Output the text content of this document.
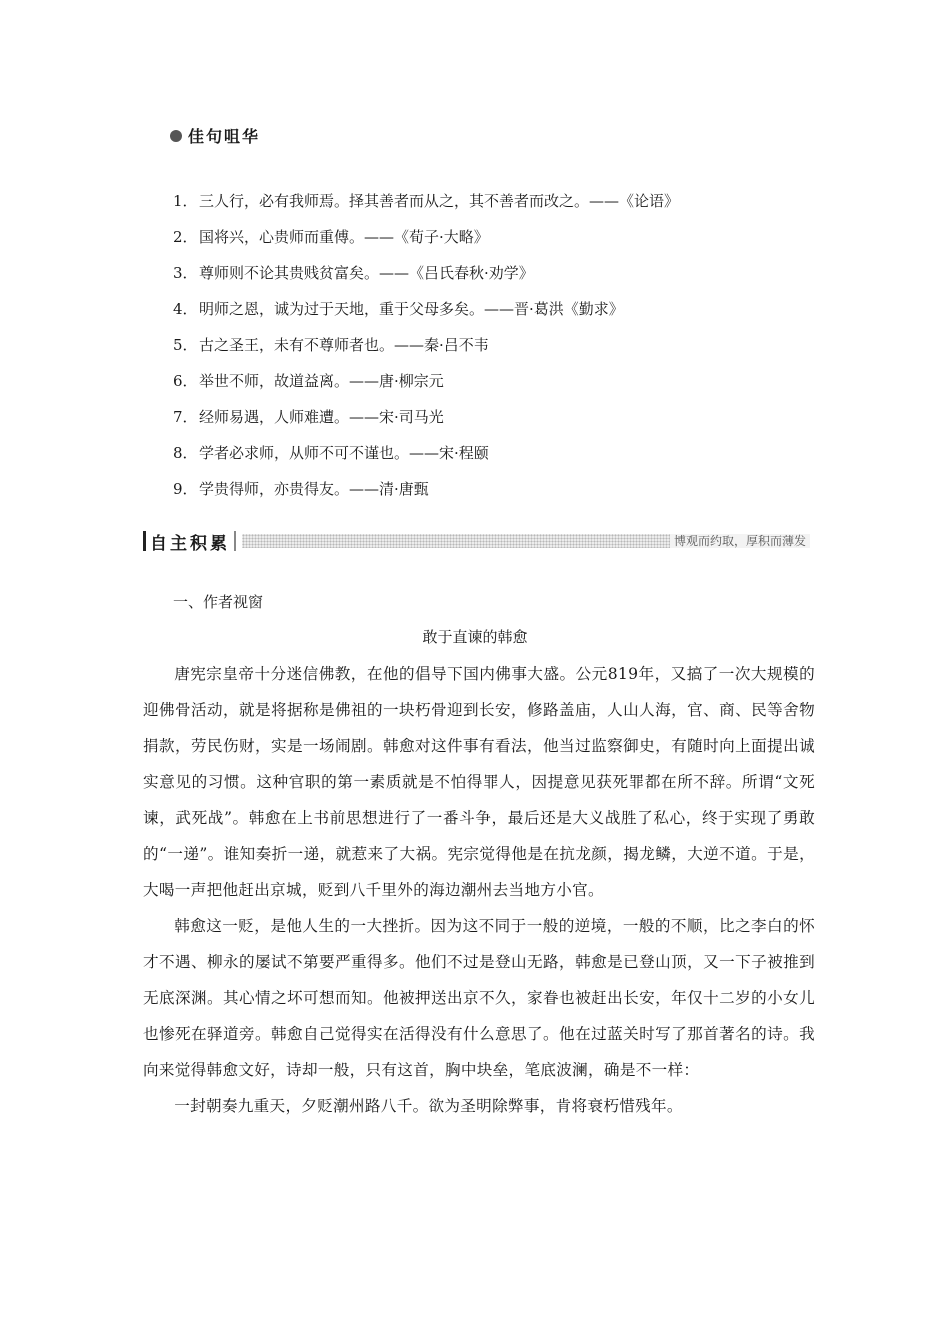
佳句咀华
1．三人行，必有我师焉。择其善者而从之，其不善者而改之。——《论语》
2．国将兴，心贵师而重傅。——《荀子·大略》
3．尊师则不论其贵贱贫富矣。——《吕氏春秋·劝学》
4．明师之恩，诚为过于天地，重于父母多矣。——晋·葛洪《勤求》
5．古之圣王，未有不尊师者也。——秦·吕不韦
6．举世不师，故道益离。——唐·柳宗元
7．经师易遇，人师难遭。——宋·司马光
8．学者必求师，从师不可不谨也。——宋·程颐
9．学贵得师，亦贵得友。——清·唐甄
自主积累	博观而约取，厚积而薄发
一、作者视窗
敢于直谏的韩愈

唐宪宗皇帝十分迷信佛教，在他的倡导下国内佛事大盛。公元819年，又搞了一次大规模的迎佛骨活动，就是将据称是佛祖的一块朽骨迎到长安，修路盖庙，人山人海，官、商、民等舍物捐款，劳民伤财，实是一场闹剧。韩愈对这件事有看法，他当过监察御史，有随时向上面提出诚实意见的习惯。这种官职的第一素质就是不怕得罪人，因提意见获死罪都在所不辞。所谓“文死谏，武死战”。韩愈在上书前思想进行了一番斗争，最后还是大义战胜了私心，终于实现了勇敢的“一递”。谁知奏折一递，就惹来了大祸。宪宗觉得他是在抗龙颜，揭龙鳞，大逆不道。于是，大喝一声把他赶出京城，贬到八千里外的海边潮州去当地方小官。

韩愈这一贬，是他人生的一大挫折。因为这不同于一般的逆境，一般的不顺，比之李白的怀才不遇、柳永的屡试不第要严重得多。他们不过是登山无路，韩愈是已登山顶，又一下子被推到无底深渊。其心情之坏可想而知。他被押送出京不久，家眷也被赶出长安，年仅十二岁的小女儿也惨死在驿道旁。韩愈自己觉得实在活得没有什么意思了。他在过蓝关时写了那首著名的诗。我向来觉得韩愈文好，诗却一般，只有这首，胸中块垒，笔底波澜，确是不一样：

一封朝奏九重天，夕贬潮州路八千。欲为圣明除弊事，肯将衰朽惜残年。
